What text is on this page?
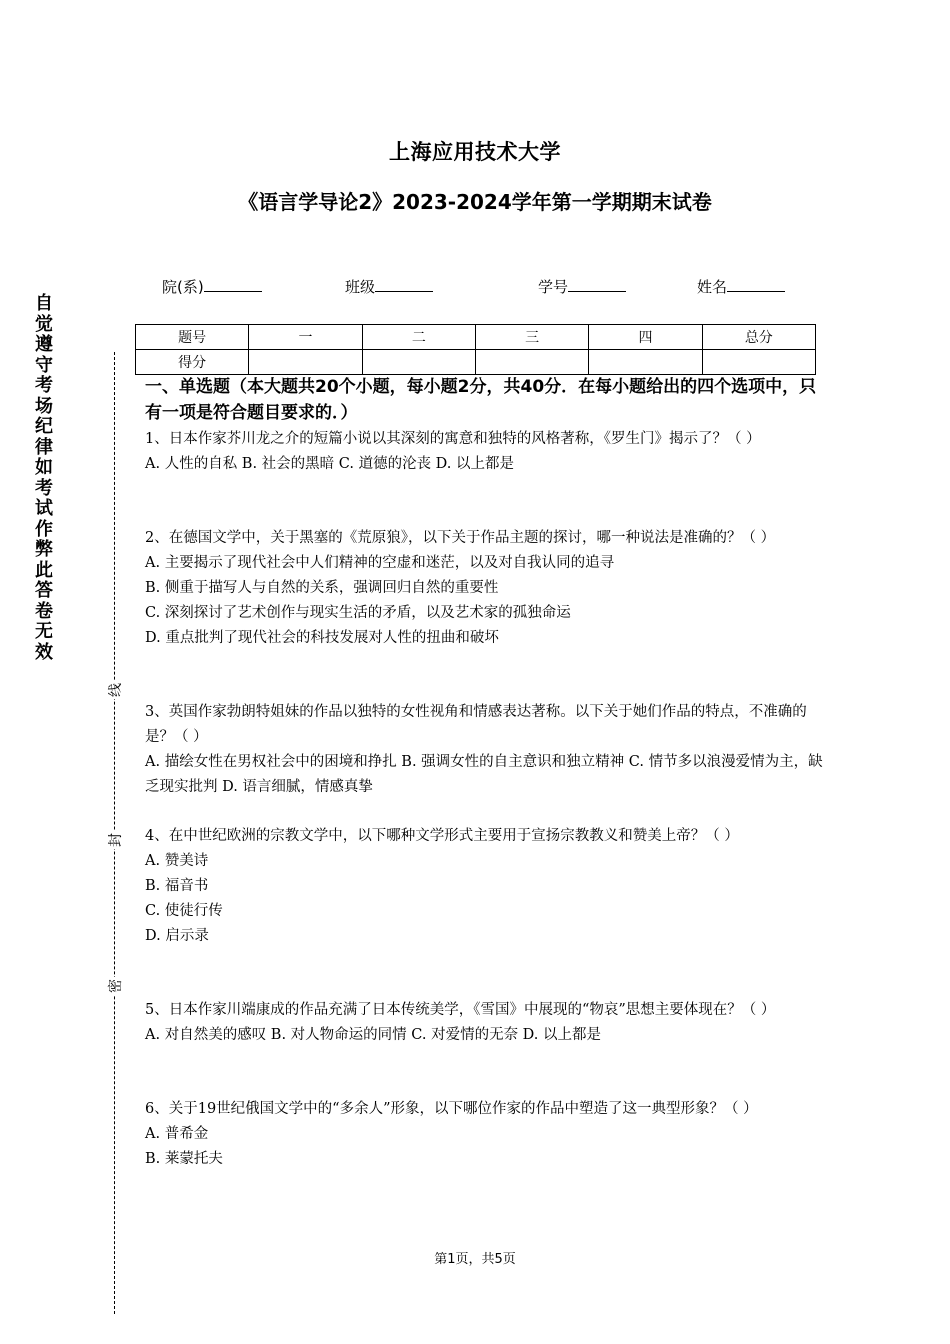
上海应用技术大学
《语言学导论2》2023-2024学年第一学期期末试卷
院(系)	班级	学号	姓名
题号	一	二	三	四	总分
得分					
自觉遵守考场纪律如考试作弊此答卷无效
线
封
密
一、单选题（本大题共20个小题，每小题2分，共40分．在每小题给出的四个选项中，只有一项是符合题目要求的．）

1、日本作家芥川龙之介的短篇小说以其深刻的寓意和独特的风格著称，《罗生门》揭示了？（ ）

A. 人性的自私 B. 社会的黑暗 C. 道德的沦丧 D. 以上都是

2、在德国文学中，关于黑塞的《荒原狼》，以下关于作品主题的探讨，哪一种说法是准确的？（ ）

A. 主要揭示了现代社会中人们精神的空虚和迷茫，以及对自我认同的追寻

B. 侧重于描写人与自然的关系，强调回归自然的重要性

C. 深刻探讨了艺术创作与现实生活的矛盾，以及艺术家的孤独命运

D. 重点批判了现代社会的科技发展对人性的扭曲和破坏

3、英国作家勃朗特姐妹的作品以独特的女性视角和情感表达著称。以下关于她们作品的特点，不准确的是？（ ）

A. 描绘女性在男权社会中的困境和挣扎 B. 强调女性的自主意识和独立精神 C. 情节多以浪漫爱情为主，缺乏现实批判 D. 语言细腻，情感真挚

4、在中世纪欧洲的宗教文学中，以下哪种文学形式主要用于宣扬宗教教义和赞美上帝？（ ）

A. 赞美诗

B. 福音书

C. 使徒行传

D. 启示录

5、日本作家川端康成的作品充满了日本传统美学，《雪国》中展现的“物哀”思想主要体现在？（ ）

A. 对自然美的感叹 B. 对人物命运的同情 C. 对爱情的无奈 D. 以上都是

6、关于19世纪俄国文学中的“多余人”形象，以下哪位作家的作品中塑造了这一典型形象？（ ）

A. 普希金

B. 莱蒙托夫

第1页，共5页
